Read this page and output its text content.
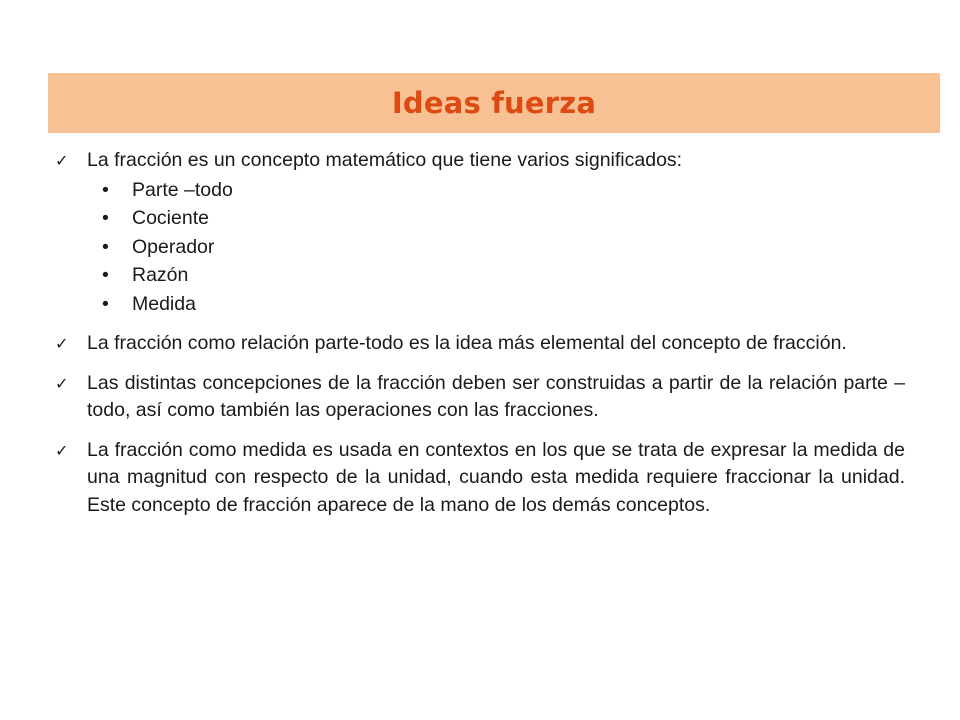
Ideas fuerza
✓ La fracción es un concepto matemático que tiene varios significados:
•	Parte –todo
•	Cociente
•	Operador
•	Razón
•	Medida
✓ La fracción como relación parte-todo es la idea más elemental del concepto de fracción.
✓ Las distintas concepciones de la fracción deben ser construidas a partir de la relación parte – todo, así como también las operaciones con las fracciones.
✓ La fracción como medida es usada en contextos en los que se trata de expresar la medida de una magnitud con respecto de la unidad, cuando esta medida requiere fraccionar la unidad. Este concepto de fracción aparece de la mano de los demás conceptos.
